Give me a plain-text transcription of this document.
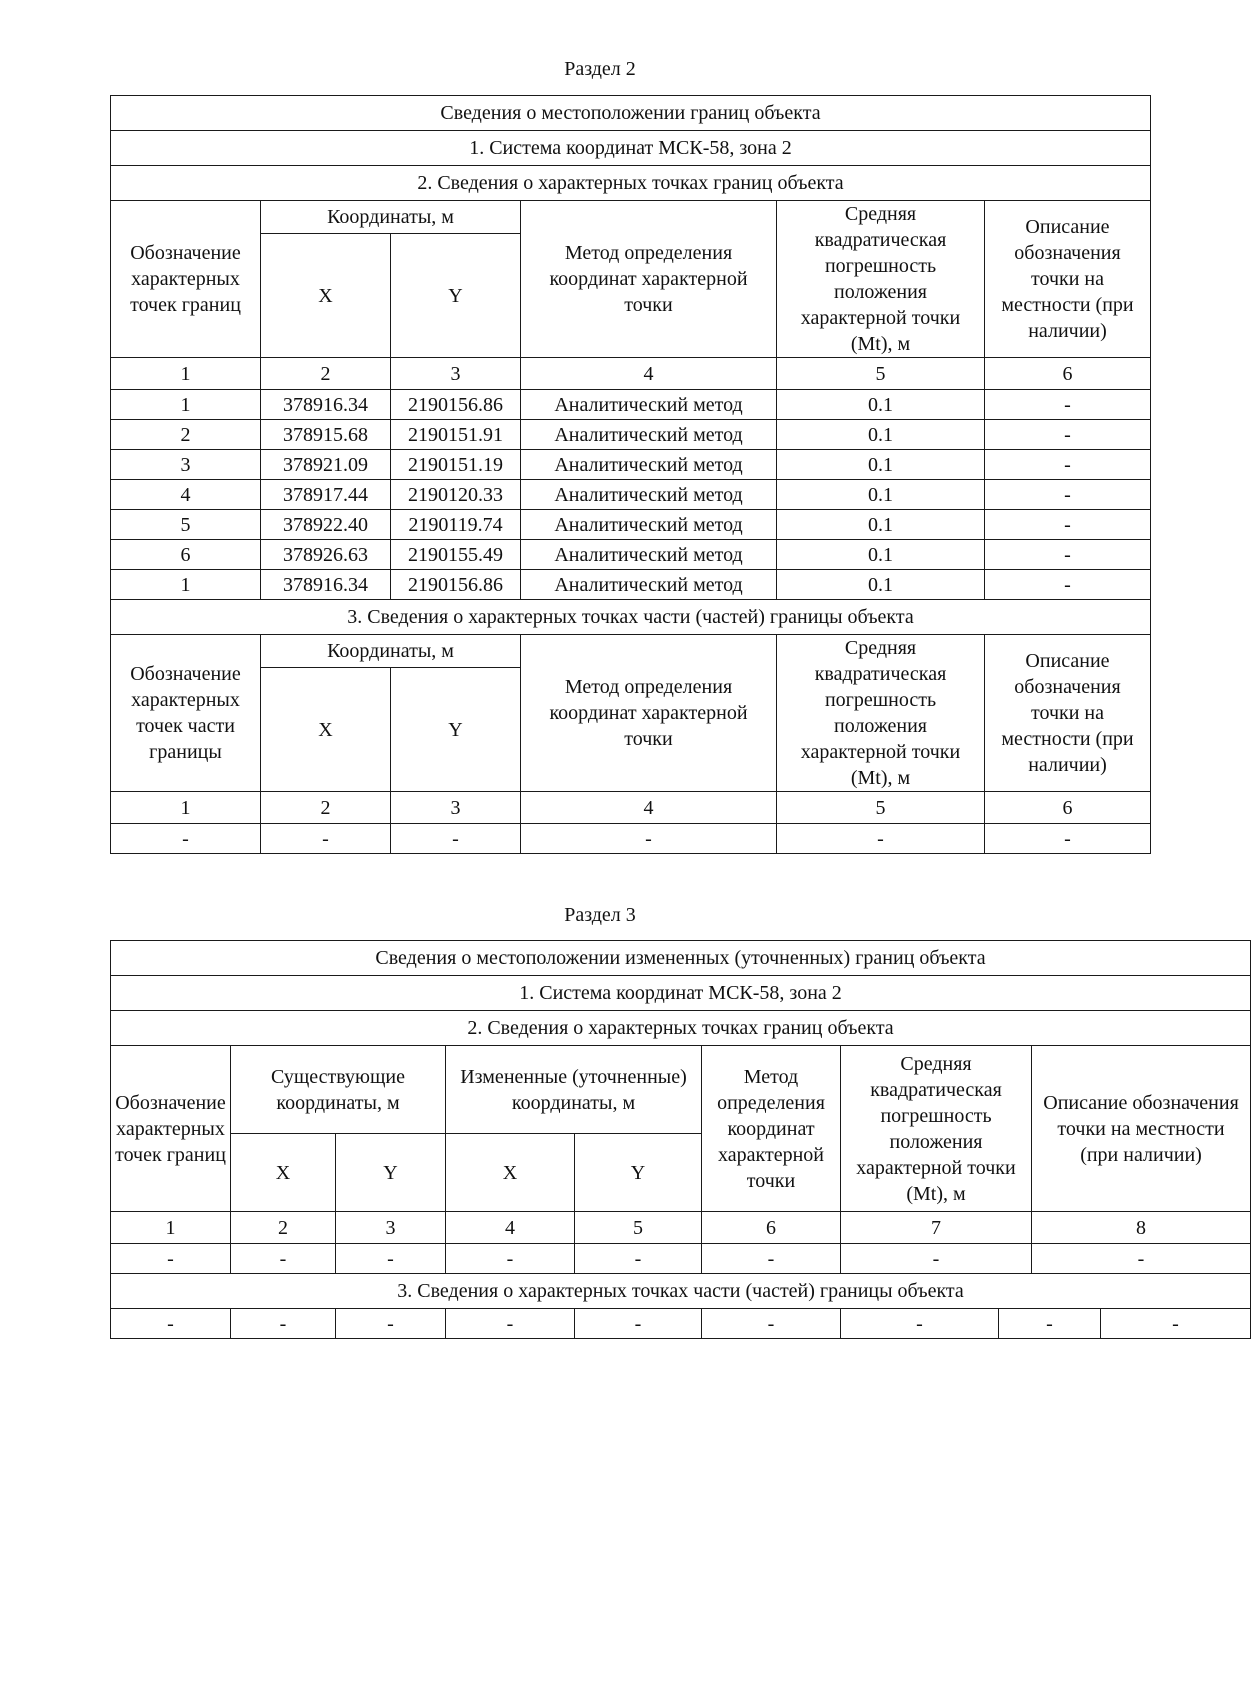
Раздел 2
Сведения о местоположении границ объекта					
1. Система координат МСК-58, зона 2					
2. Сведения о характерных точках границ объекта					
Обозначение характерных точек границ	Координаты, м		Метод определения координат характерной точки	Средняя квадратическая погрешность положения характерной точки (Mt), м	Описание обозначения точки на местности (при наличии)
	X	Y			
1	2	3	4	5	6
1	378916.34	2190156.86	Аналитический метод	0.1	-
2	378915.68	2190151.91	Аналитический метод	0.1	-
3	378921.09	2190151.19	Аналитический метод	0.1	-
4	378917.44	2190120.33	Аналитический метод	0.1	-
5	378922.40	2190119.74	Аналитический метод	0.1	-
6	378926.63	2190155.49	Аналитический метод	0.1	-
1	378916.34	2190156.86	Аналитический метод	0.1	-
3. Сведения о характерных точках части (частей) границы объекта					
Обозначение характерных точек части границы	Координаты, м		Метод определения координат характерной точки	Средняя квадратическая погрешность положения характерной точки (Mt), м	Описание обозначения точки на местности (при наличии)
	X	Y			
1	2	3	4	5	6
-	-	-	-	-	-
Раздел 3
Сведения о местоположении измененных (уточненных) границ объекта									
1. Система координат МСК-58, зона 2									
2. Сведения о характерных точках границ объекта									
Обозначение характерных точек границ	Существующие координаты, м		Измененные (уточненные) координаты, м		Метод определения координат характерной точки	Средняя квадратическая погрешность положения характерной точки (Mt), м		Описание обозначения точки на местности (при наличии)	
	X	Y	X	Y					
1	2	3	4	5	6	7		8	
-	-	-	-	-	-	-		-	
3. Сведения о характерных точках части (частей) границы объекта									
-	-	-	-	-	-	-	-		-
